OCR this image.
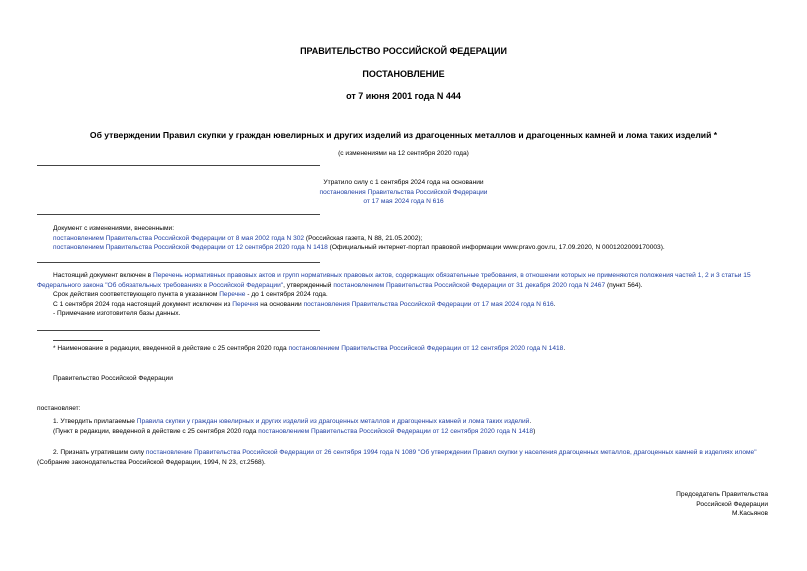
ПРАВИТЕЛЬСТВО РОССИЙСКОЙ ФЕДЕРАЦИИ
ПОСТАНОВЛЕНИЕ
от 7 июня 2001 года N 444
Об утверждении Правил скупки у граждан ювелирных и других изделий из драгоценных металлов и драгоценных камней и лома таких изделий *
(с изменениями на 12 сентября 2020 года)

Утратило силу с 1 сентября 2024 года на основании

постановления Правительства Российской Федерации

от 17 мая 2024 года N 616

Документ с изменениями, внесенными:

постановлением Правительства Российской Федерации от 8 мая 2002 года N 302 (Российская газета, N 88, 21.05.2002);

постановлением Правительства Российской Федерации от 12 сентября 2020 года N 1418 (Официальный интернет-портал правовой информации www.pravo.gov.ru, 17.09.2020, N 0001202009170003).

Настоящий документ включен в Перечень нормативных правовых актов и групп нормативных правовых актов, содержащих обязательные требования, в отношении которых не применяются положения частей 1, 2 и 3 статьи 15 Федерального закона "Об обязательных требованиях в Российской Федерации", утвержденный постановлением Правительства Российской Федерации от 31 декабря 2020 года N 2467 (пункт 564).

Срок действия соответствующего пункта в указанном Перечне - до 1 сентября 2024 года.

С 1 сентября 2024 года настоящий документ исключен из Перечня на основании постановления Правительства Российской Федерации от 17 мая 2024 года N 616.

- Примечание изготовителя базы данных.

* Наименование в редакции, введенной в действие с 25 сентября 2020 года постановлением Правительства Российской Федерации от 12 сентября 2020 года N 1418.
Правительство Российской Федерации
постановляет:

1. Утвердить прилагаемые Правила скупки у граждан ювелирных и других изделий из драгоценных металлов и драгоценных камней и лома таких изделий.

(Пункт в редакции, введенной в действие с 25 сентября 2020 года постановлением Правительства Российской Федерации от 12 сентября 2020 года N 1418)

2. Признать утратившим силу постановление Правительства Российской Федерации от 26 сентября 1994 года N 1089 "Об утверждении Правил скупки у населения драгоценных металлов, драгоценных камней в изделиях иломе" (Собрание законодательства Российской Федерации, 1994, N 23, ст.2568).

Председатель Правительства

Российской Федерации

М.Касьянов
